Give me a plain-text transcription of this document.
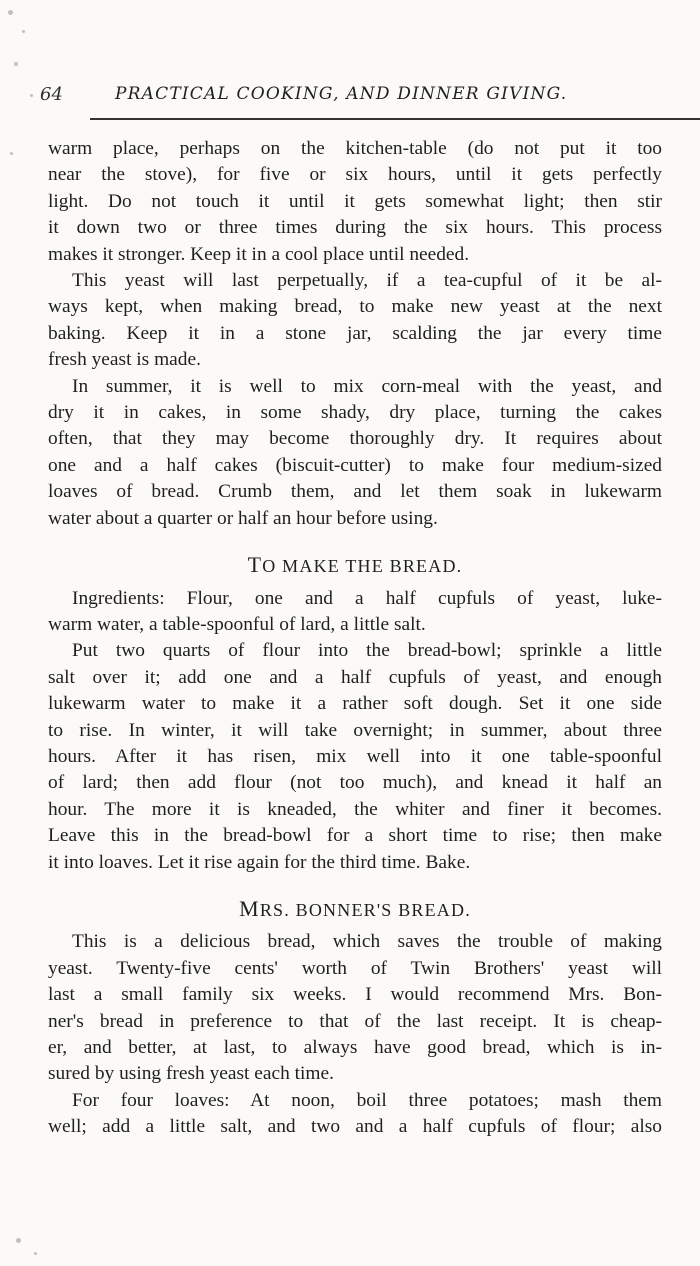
64	PRACTICAL COOKING, AND DINNER GIVING.
warm place, perhaps on the kitchen-table (do not put it too
near the stove), for five or six hours, until it gets perfectly
light. Do not touch it until it gets somewhat light; then stir
it down two or three times during the six hours. This process
makes it stronger. Keep it in a cool place until needed.
This yeast will last perpetually, if a tea-cupful of it be al-
ways kept, when making bread, to make new yeast at the next
baking. Keep it in a stone jar, scalding the jar every time
fresh yeast is made.
In summer, it is well to mix corn-meal with the yeast, and
dry it in cakes, in some shady, dry place, turning the cakes
often, that they may become thoroughly dry. It requires about
one and a half cakes (biscuit-cutter) to make four medium-sized
loaves of bread. Crumb them, and let them soak in lukewarm
water about a quarter or half an hour before using.
TO MAKE THE BREAD.
Ingredients: Flour, one and a half cupfuls of yeast, luke-
warm water, a table-spoonful of lard, a little salt.
Put two quarts of flour into the bread-bowl; sprinkle a little
salt over it; add one and a half cupfuls of yeast, and enough
lukewarm water to make it a rather soft dough. Set it one side
to rise. In winter, it will take overnight; in summer, about three
hours. After it has risen, mix well into it one table-spoonful
of lard; then add flour (not too much), and knead it half an
hour. The more it is kneaded, the whiter and finer it becomes.
Leave this in the bread-bowl for a short time to rise; then make
it into loaves. Let it rise again for the third time. Bake.
MRS. BONNER'S BREAD.
This is a delicious bread, which saves the trouble of making
yeast. Twenty-five cents' worth of Twin Brothers' yeast will
last a small family six weeks. I would recommend Mrs. Bon-
ner's bread in preference to that of the last receipt. It is cheap-
er, and better, at last, to always have good bread, which is in-
sured by using fresh yeast each time.
For four loaves: At noon, boil three potatoes; mash them
well; add a little salt, and two and a half cupfuls of flour; also
